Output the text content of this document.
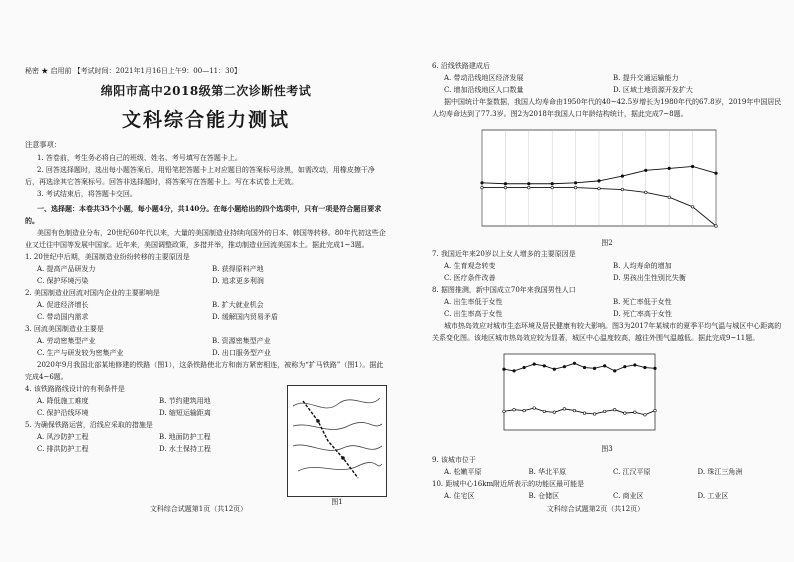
秘密 ★ 启用前 【考试时间：2021年1月16日上午9：00—11：30】
绵阳市高中2018级第二次诊断性考试
文科综合能力测试
注意事项：

1. 答卷前，考生务必将自己的班级、姓名、考号填写在答题卡上。

2. 回答选择题时，选出每小题答案后，用铅笔把答题卡上对应题目的答案标号涂黑，如需改动，用橡皮擦干净后，再选涂其它答案标号。回答非选择题时，将答案写在答题卡上。写在本试卷上无效。

3. 考试结束后，将答题卡交回。

一、选择题：本卷共35个小题，每小题4分，共140分。在每小题给出的四个选项中，只有一项是符合题目要求的。

美国有色制造业分布，20世纪60年代以来，大量的美国制造业持续向国外的日本、韩国等转移。80年代初这些企业又迁往中国等发展中国家。近年来，美国调整政策，多措并举，推动制造业回流美国本土。据此完成1~3题。

1. 20世纪中后期，美国制造业纷纷转移的主要原因是

A. 提高产品研发力	B. 获得原料产地
C. 保护环境污染	D. 追求更多利润

2. 美国制造业回流对国内企业的主要影响是

A. 促进经济增长	B. 扩大就业机会
C. 带动国内需求	D. 缓解国内贸易矛盾

3. 回流美国制造业主要是

A. 劳动密集型产业	B. 资源密集型产业
C. 生产与研发较为密集产业	D. 出口服务型产业

2020年9月我国北部某地修建的铁路（图1），这条铁路使北方和南方紧密相连，被称为“扩马铁路”（图1）。据此完成4~6题。

4. 该铁路路线设计的有利条件是

A. 降低施工难度	B. 节约建筑用地
C. 保护沿线环境	D. 缩短运输距离

5. 为确保铁路运营，沿线应采取的措施是

A. 风沙防护工程	B. 地面防护工程
C. 排洪防护工程	D. 水土保持工程
图1
文科综合试题第1页（共12页）

6. 沿线铁路建成后

A. 带动沿线地区经济发展	B. 提升交通运输能力
C. 增加沿线地区人口数量	D. 区域土地资源开发扩大

据中国统计年鉴数据，我国人均寿命由1950年代的40~42.5岁增长为1980年代的67.8岁，2019年中国居民人均寿命达到了77.3岁。图2为2018年我国人口年龄结构统计，据此完成7~8题。

图2

7. 我国近年来20岁以上女人增多的主要原因是

A. 生育观念转变	B. 人均寿命的增加
C. 医疗条件改善	D. 男孩出生性别比失衡

8. 据图推测，新中国成立70年来我国男性人口

A. 出生率低于女性	B. 死亡率低于女性
C. 出生率高于女性	D. 死亡率高于女性

城市热岛效应对城市生态环境及居民健康有较大影响。图3为2017年某城市的夏季平均气温与城区中心距离的关系变化图。该地区城市热岛效应较为显著，城区中心温度较高，越往外围气温越低。据此完成9~11题。

图3

9. 该城市位于

A. 松嫩平原	B. 华北平原	C. 江汉平原	D. 珠江三角洲

10. 距城中心16km附近所表示的功能区最可能是

A. 住宅区	B. 仓储区	C. 商业区	D. 工业区
文科综合试题第2页（共12页）
